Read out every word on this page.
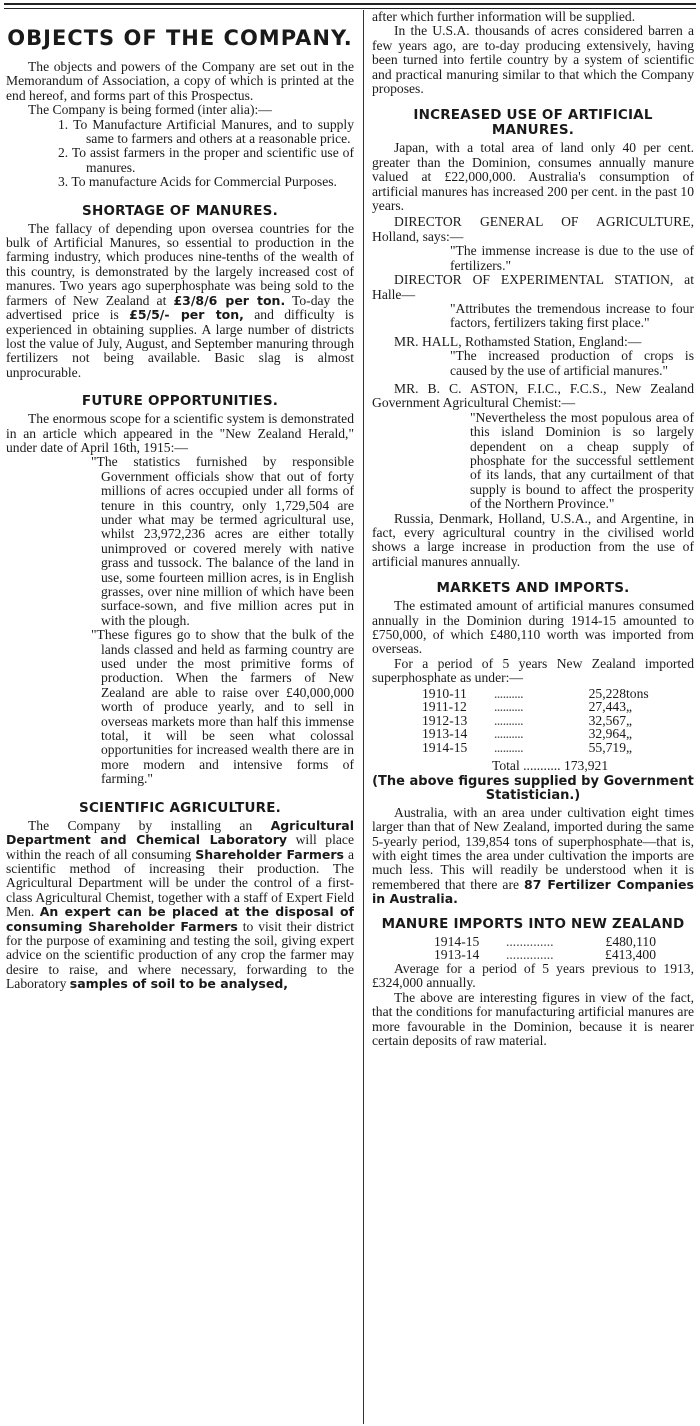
OBJECTS OF THE COMPANY.

The objects and powers of the Company are set out in the Memorandum of Association, a copy of which is printed at the end hereof, and forms part of this Prospectus.

The Company is being formed (inter alia):—

1. To Manufacture Artificial Manures, and to supply same to farmers and others at a reasonable price.

2. To assist farmers in the proper and scientific use of manures.

3. To manufacture Acids for Commercial Purposes.

SHORTAGE OF MANURES.

The fallacy of depending upon oversea countries for the bulk of Artificial Manures, so essential to production in the farming industry, which produces nine-tenths of the wealth of this country, is demonstrated by the largely increased cost of manures. Two years ago superphosphate was being sold to the farmers of New Zealand at £3/8/6 per ton. To-day the advertised price is £5/5/- per ton, and difficulty is experienced in obtaining supplies. A large number of districts lost the value of July, August, and September manuring through fertilizers not being available. Basic slag is almost unprocurable.

FUTURE OPPORTUNITIES.

The enormous scope for a scientific system is demonstrated in an article which appeared in the "New Zealand Herald," under date of April 16th, 1915:—

"The statistics furnished by responsible Government officials show that out of forty millions of acres occupied under all forms of tenure in this country, only 1,729,504 are under what may be termed agricultural use, whilst 23,972,236 acres are either totally unimproved or covered merely with native grass and tussock. The balance of the land in use, some fourteen million acres, is in English grasses, over nine million of which have been surface-sown, and five million acres put in with the plough.

"These figures go to show that the bulk of the lands classed and held as farming country are used under the most primitive forms of production. When the farmers of New Zealand are able to raise over £40,000,000 worth of produce yearly, and to sell in overseas markets more than half this immense total, it will be seen what colossal opportunities for increased wealth there are in more modern and intensive forms of farming."

SCIENTIFIC AGRICULTURE.

The Company by installing an Agricultural Department and Chemical Laboratory will place within the reach of all consuming Shareholder Farmers a scientific method of increasing their production. The Agricultural Department will be under the control of a first-class Agricultural Chemist, together with a staff of Expert Field Men. An expert can be placed at the disposal of consuming Shareholder Farmers to visit their district for the purpose of examining and testing the soil, giving expert advice on the scientific production of any crop the farmer may desire to raise, and where necessary, forwarding to the Laboratory samples of soil to be analysed,

after which further information will be supplied.

In the U.S.A. thousands of acres considered barren a few years ago, are to-day producing extensively, having been turned into fertile country by a system of scientific and practical manuring similar to that which the Company proposes.

INCREASED USE OF ARTIFICIAL MANURES.

Japan, with a total area of land only 40 per cent. greater than the Dominion, consumes annually manure valued at £22,000,000. Australia's consumption of artificial manures has increased 200 per cent. in the past 10 years.

DIRECTOR GENERAL OF AGRICULTURE, Holland, says:—

"The immense increase is due to the use of fertilizers."

DIRECTOR OF EXPERIMENTAL STATION, at Halle—

"Attributes the tremendous increase to four factors, fertilizers taking first place."

MR. HALL, Rothamsted Station, England:—

"The increased production of crops is caused by the use of artificial manures."

MR. B. C. ASTON, F.I.C., F.C.S., New Zealand Government Agricultural Chemist:—

"Nevertheless the most populous area of this island Dominion is so largely dependent on a cheap supply of phosphate for the successful settlement of its lands, that any curtailment of that supply is bound to affect the prosperity of the Northern Province."

Russia, Denmark, Holland, U.S.A., and Argentine, in fact, every agricultural country in the civilised world shows a large increase in production from the use of artificial manures annually.

MARKETS AND IMPORTS.

The estimated amount of artificial manures consumed annually in the Dominion during 1914-15 amounted to £750,000, of which £480,110 worth was imported from overseas.

For a period of 5 years New Zealand imported superphosphate as under:—

1910-11	..........	25,228	tons
1911-12	..........	27,443	„
1912-13	..........	32,567	„
1913-14	..........	32,964	„
1914-15	..........	55,719	„

Total ........... 173,921

(The above figures supplied by Government Statistician.)

Australia, with an area under cultivation eight times larger than that of New Zealand, imported during the same 5-yearly period, 139,854 tons of superphosphate—that is, with eight times the area under cultivation the imports are much less. This will readily be understood when it is remembered that there are 87 Fertilizer Companies in Australia.

MANURE IMPORTS INTO NEW ZEALAND
1914-15	..............	£480,110
1913-14	..............	£413,400

Average for a period of 5 years previous to 1913, £324,000 annually.

The above are interesting figures in view of the fact, that the conditions for manufacturing artificial manures are more favourable in the Dominion, because it is nearer certain deposits of raw material.
